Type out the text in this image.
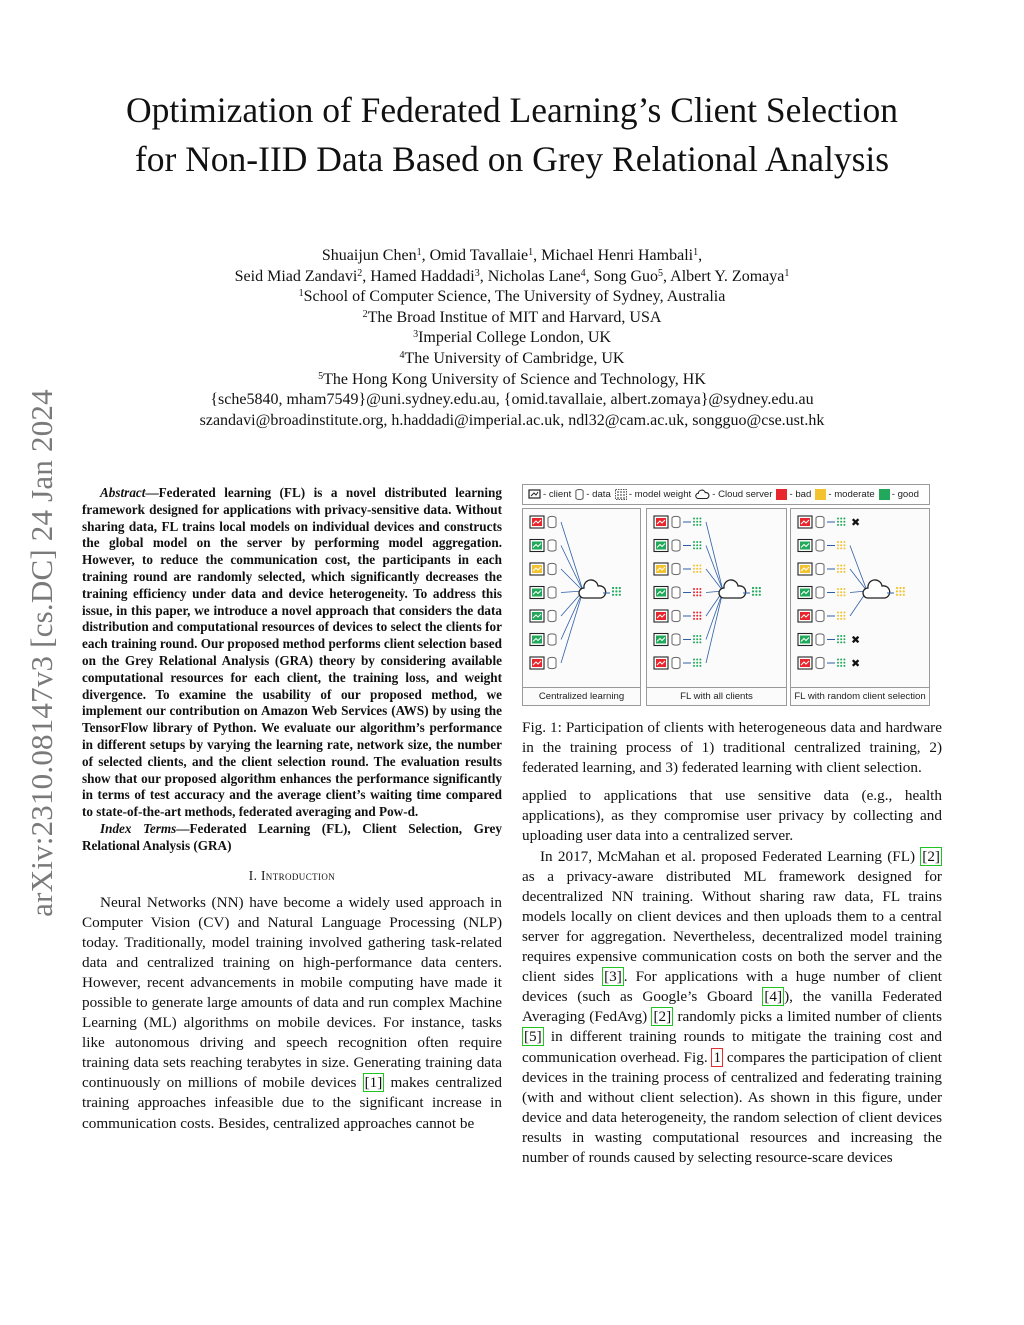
arXiv:2310.08147v3 [cs.DC] 24 Jan 2024
Optimization of Federated Learning’s Client Selection for Non-IID Data Based on Grey Relational Analysis
Shuaijun Chen$^1$, Omid Tavallaie$^1$, Michael Henri Hambali$^1$,
Seid Miad Zandavi$^2$, Hamed Haddadi$^3$, Nicholas Lane$^4$, Song Guo$^5$, Albert Y. Zomaya$^1$
$^1$School of Computer Science, The University of Sydney, Australia
$^2$The Broad Institue of MIT and Harvard, USA
$^3$Imperial College London, UK
$^4$The University of Cambridge, UK
$^5$The Hong Kong University of Science and Technology, HK
{sche5840, mham7549}@uni.sydney.edu.au, {omid.tavallaie, albert.zomaya}@sydney.edu.au
szandavi@broadinstitute.org, h.haddadi@imperial.ac.uk, ndl32@cam.ac.uk, songguo@cse.ust.hk

Abstract—Federated learning (FL) is a novel distributed learning framework designed for applications with privacy-sensitive data. Without sharing data, FL trains local models on individual devices and constructs the global model on the server by performing model aggregation. However, to reduce the communication cost, the participants in each training round are randomly selected, which significantly decreases the training efficiency under data and device heterogeneity. To address this issue, in this paper, we introduce a novel approach that considers the data distribution and computational resources of devices to select the clients for each training round. Our proposed method performs client selection based on the Grey Relational Analysis (GRA) theory by considering available computational resources for each client, the training loss, and weight divergence. To examine the usability of our proposed method, we implement our contribution on Amazon Web Services (AWS) by using the TensorFlow library of Python. We evaluate our algorithm’s performance in different setups by varying the learning rate, network size, the number of selected clients, and the client selection round. The evaluation results show that our proposed algorithm enhances the performance significantly in terms of test accuracy and the average client’s waiting time compared to state-of-the-art methods, federated averaging and Pow-d.

Index Terms—Federated Learning (FL), Client Selection, Grey Relational Analysis (GRA)

I. Introduction

Neural Networks (NN) have become a widely used approach in Computer Vision (CV) and Natural Language Processing (NLP) today. Traditionally, model training involved gathering task-related data and centralized training on high-performance data centers. However, recent advancements in mobile computing have made it possible to generate large amounts of data and run complex Machine Learning (ML) algorithms on mobile devices. For instance, tasks like autonomous driving and speech recognition often require training data sets reaching terabytes in size. Generating training data continuously on millions of mobile devices [1] makes centralized training approaches infeasible due to the significant increase in communication costs. Besides, centralized approaches cannot be

- client - data - model weight - Cloud server - bad - moderate - good
Centralized learning	FL with all clients
✖
✖
✖
FL with random client selection

Fig. 1: Participation of clients with heterogeneous data and hardware in the training process of 1) traditional centralized training, 2) federated learning, and 3) federated learning with client selection.

applied to applications that use sensitive data (e.g., health applications), as they compromise user privacy by collecting and uploading user data into a centralized server.

In 2017, McMahan et al. proposed Federated Learning (FL) [2] as a privacy-aware distributed ML framework designed for decentralized NN training. Without sharing raw data, FL trains models locally on client devices and then uploads them to a central server for aggregation. Nevertheless, decentralized model training requires expensive communication costs on both the server and the client sides [3] . For applications with a huge number of client devices (such as Google’s Gboard [4] ), the vanilla Federated Averaging (FedAvg) [2] randomly picks a limited number of clients [5] in different training rounds to mitigate the training cost and communication overhead. Fig. 1 compares the participation of client devices in the training process of centralized and federating training (with and without client selection). As shown in this figure, under device and data heterogeneity, the random selection of client devices results in wasting computational resources and increasing the number of rounds caused by selecting resource-scare devices
